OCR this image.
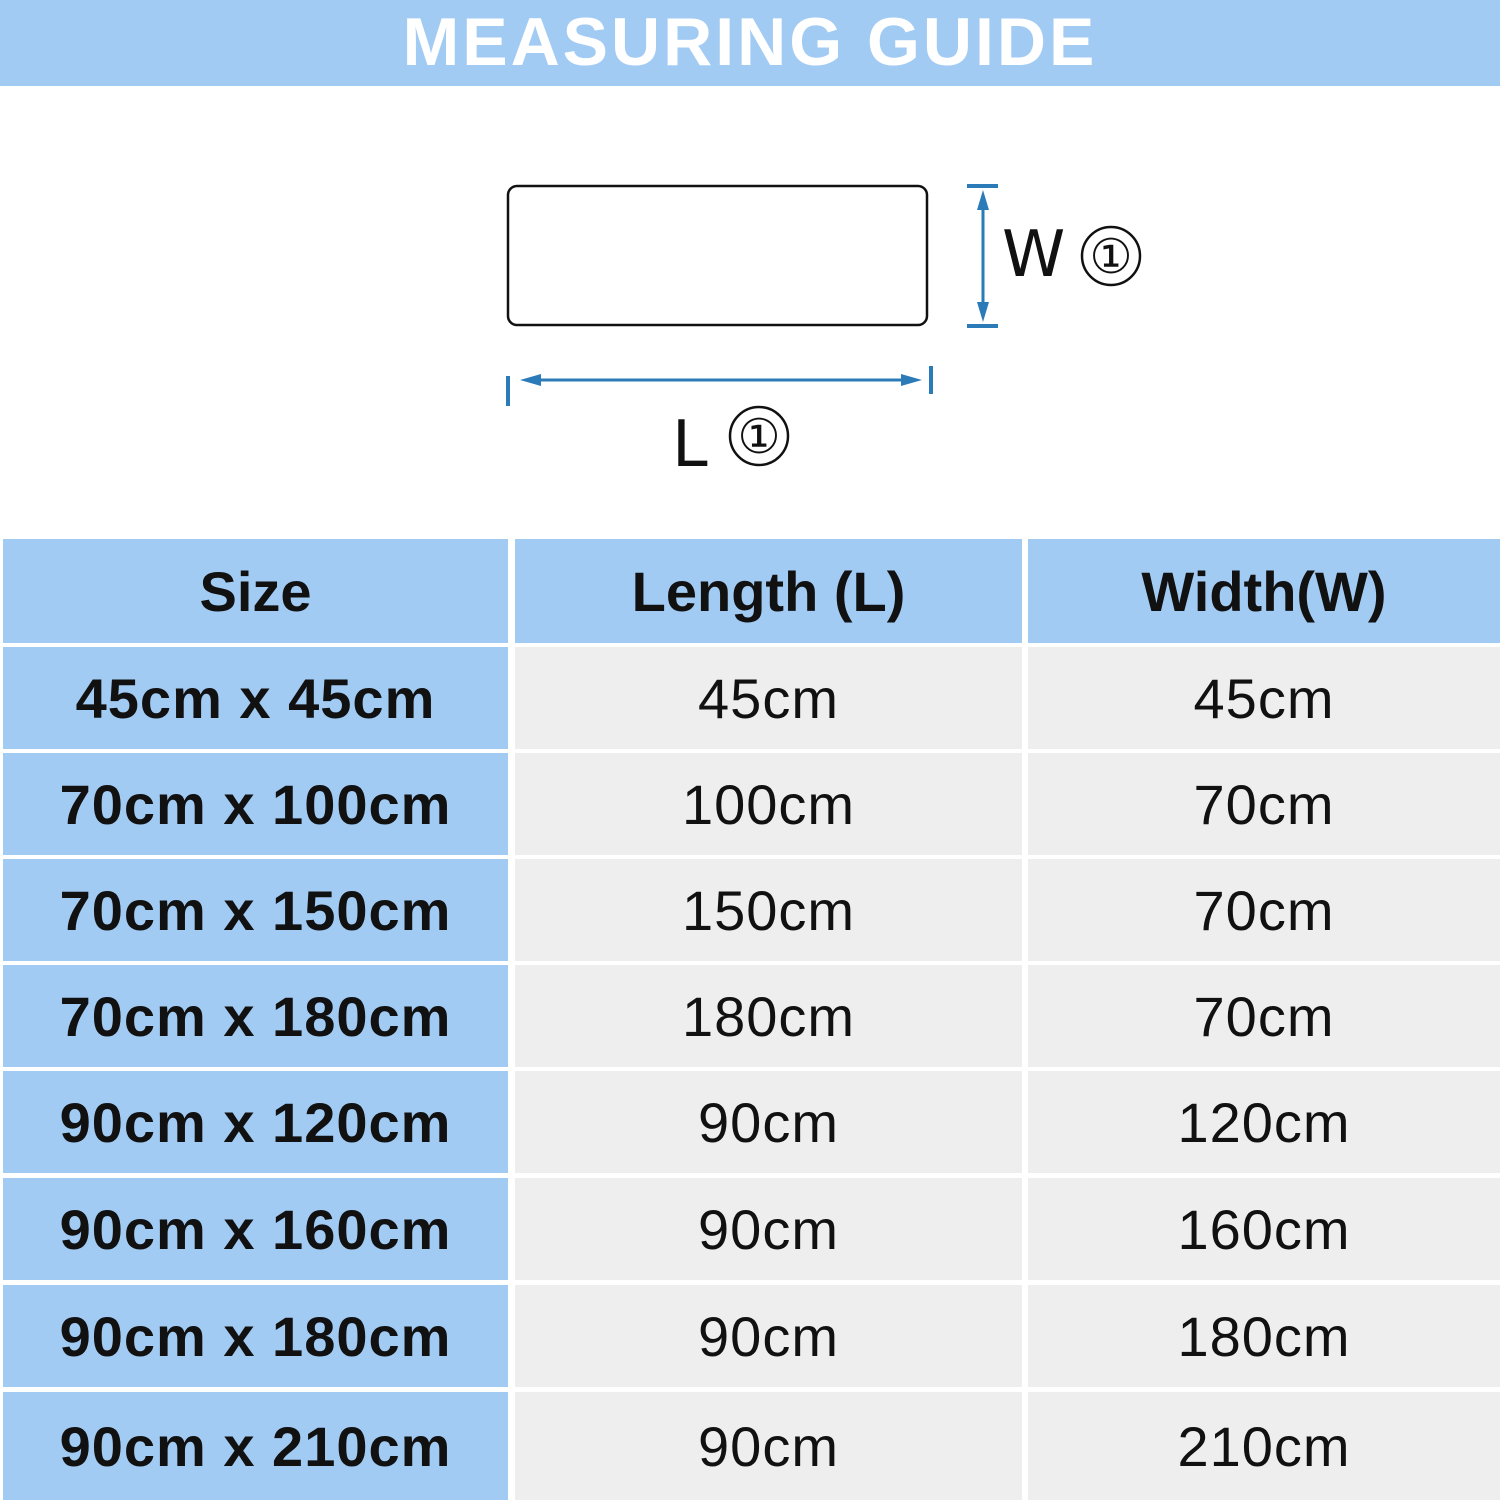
MEASURING GUIDE
W ①
L ①
Size	Length (L)	Width(W)
45cm x 45cm	45cm	45cm
70cm x 100cm	100cm	70cm
70cm x 150cm	150cm	70cm
70cm x 180cm	180cm	70cm
90cm x 120cm	90cm	120cm
90cm x 160cm	90cm	160cm
90cm x 180cm	90cm	180cm
90cm x 210cm	90cm	210cm
